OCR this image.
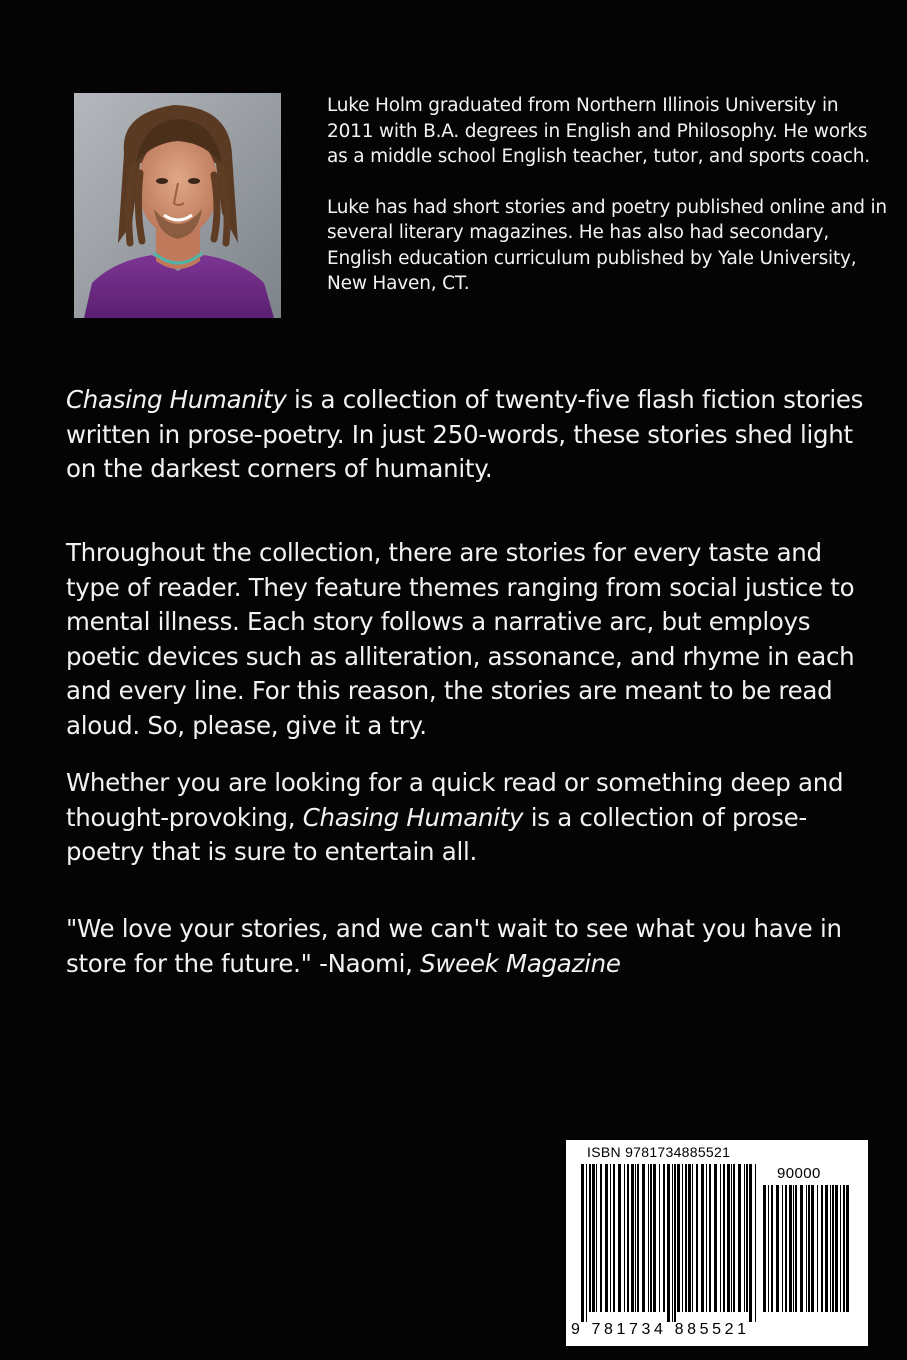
Luke Holm graduated from Northern Illinois University in 2011 with B.A. degrees in English and Philosophy. He works as a middle school English teacher, tutor, and sports coach.

Luke has had short stories and poetry published online and in several literary magazines. He has also had secondary, English education curriculum published by Yale University, New Haven, CT.

Chasing Humanity is a collection of twenty-five flash fiction stories written in prose-poetry. In just 250-words, these stories shed light on the darkest corners of humanity.

Throughout the collection, there are stories for every taste and type of reader. They feature themes ranging from social justice to mental illness. Each story follows a narrative arc, but employs poetic devices such as alliteration, assonance, and rhyme in each and every line. For this reason, the stories are meant to be read aloud. So, please, give it a try.

Whether you are looking for a quick read or something deep and thought-provoking, Chasing Humanity is a collection of prose-poetry that is sure to entertain all.

"We love your stories, and we can't wait to see what you have in store for the future." -Naomi, Sweek Magazine

ISBN 9781734885521
90000
9 781734 885521
